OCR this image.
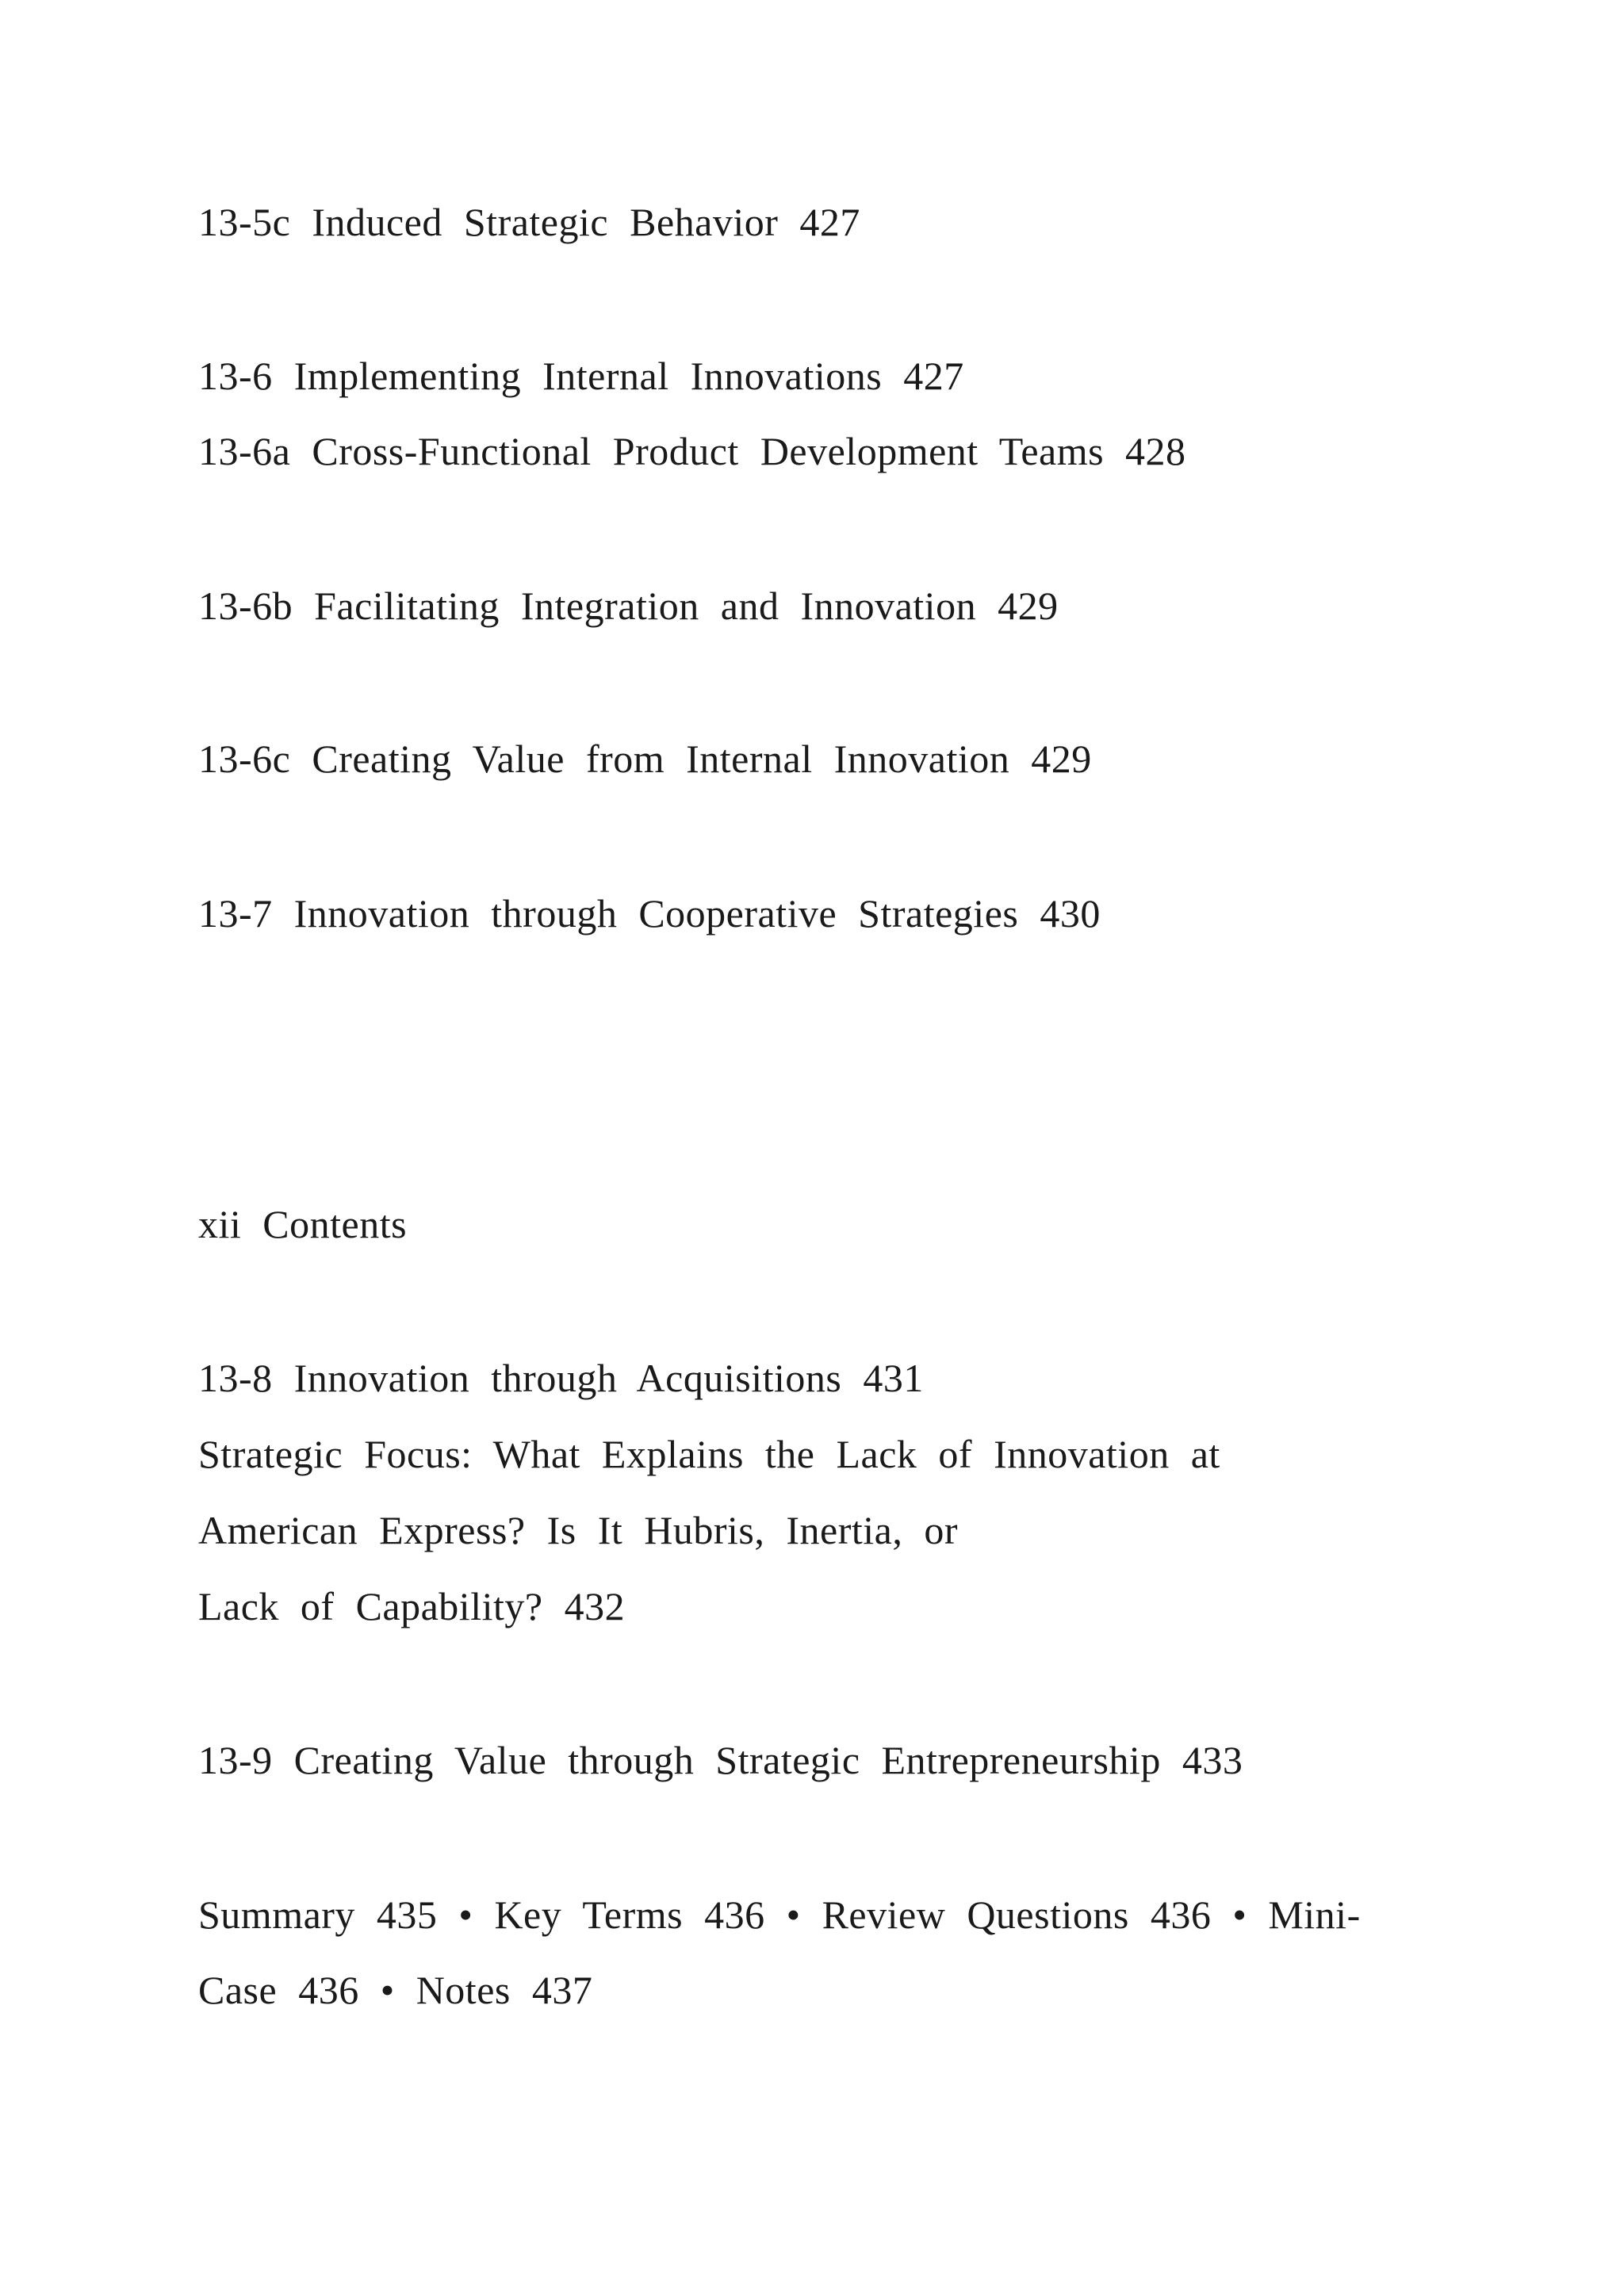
13-5c Induced Strategic Behavior 427

13-6 Implementing Internal Innovations 427

13-6a Cross-Functional Product Development Teams 428

13-6b Facilitating Integration and Innovation 429

13-6c Creating Value from Internal Innovation 429

13-7 Innovation through Cooperative Strategies 430

xii Contents

13-8 Innovation through Acquisitions 431

Strategic Focus: What Explains the Lack of Innovation at

American Express? Is It Hubris, Inertia, or

Lack of Capability? 432

13-9 Creating Value through Strategic Entrepreneurship 433

Summary 435 • Key Terms 436 • Review Questions 436 • Mini-

Case 436 • Notes 437
